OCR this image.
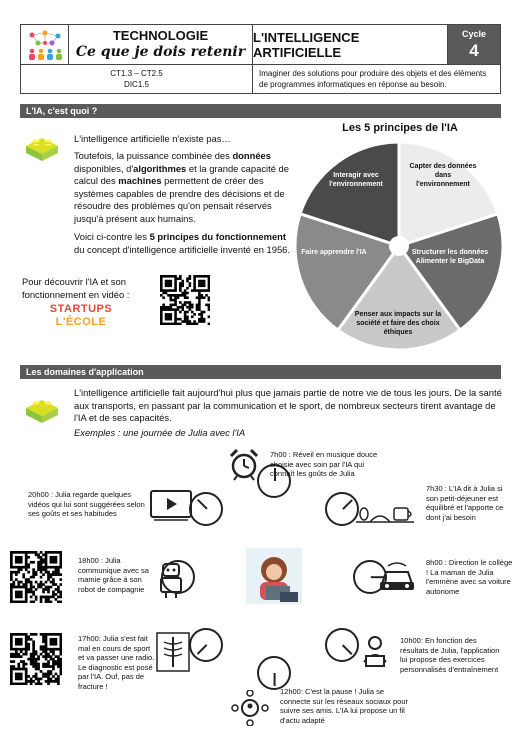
TECHNOLOGIE
Ce que je dois retenir
L'INTELLIGENCE ARTIFICIELLE
Cycle
4
CT1.3 – CT2.5
DIC1.5
Imaginer des solutions pour produire des objets et des éléments de programmes informatiques en réponse au besoin.
L'IA, c'est quoi ?
L'intelligence artificielle n'existe pas…
Toutefois, la puissance combinée des données disponibles, d'algorithmes et la grande capacité de calcul des machines permettent de créer des systèmes capables de prendre des décisions et de résoudre des problèmes qu'on pensait réservés jusqu'à présent aux humains.
Voici ci-contre les 5 principes du fonctionnement du concept d'intelligence artificielle inventé en 1956.
Pour découvrir l'IA et son fonctionnement en vidéo :
STARTUPS
L'ÉCOLE
Les 5 principes de l'IA
Interagir avec l'environnement
Capter des données dans l'environnement
Structurer les données Alimenter le BigData
Penser aux impacts sur la société et faire des choix éthiques
Faire apprendre l'IA
Les domaines d'application
L'intelligence artificielle fait aujourd'hui plus que jamais partie de notre vie de tous les jours. De la santé aux transports, en passant par la communication et le sport, de nombreux secteurs tirent avantage de l'IA et de ses capacités.
Exemples : une journée de Julia avec l'IA
7h00 : Réveil en musique douce choisie avec soin par l'IA qui connaît les goûts de Julia
7h30 : L'IA dit à Julia si son petit-déjeuner est équilibré et l'apporte ce dont j'ai besoin
8h00 : Direction le collège ! La maman de Julia l'emmène avec sa voiture autonome
10h00: En fonction des résultats de Julia, l'application lui propose des exercices personnalisés d'entraînement
12h00: C'est la pause ! Julia se connecte sur les réseaux sociaux pour suivre ses amis. L'IA lui propose un fil d'actu adapté
17h00: Julia s'est fait mal en cours de sport et va passer une radio. Le diagnostic est posé par l'IA. Ouf, pas de fracture !
18h00 : Julia communique avec sa mamie grâce à son robot de compagnie
20h00 : Julia regarde quelques vidéos qui lui sont suggérées selon ses goûts et ses habitudes
